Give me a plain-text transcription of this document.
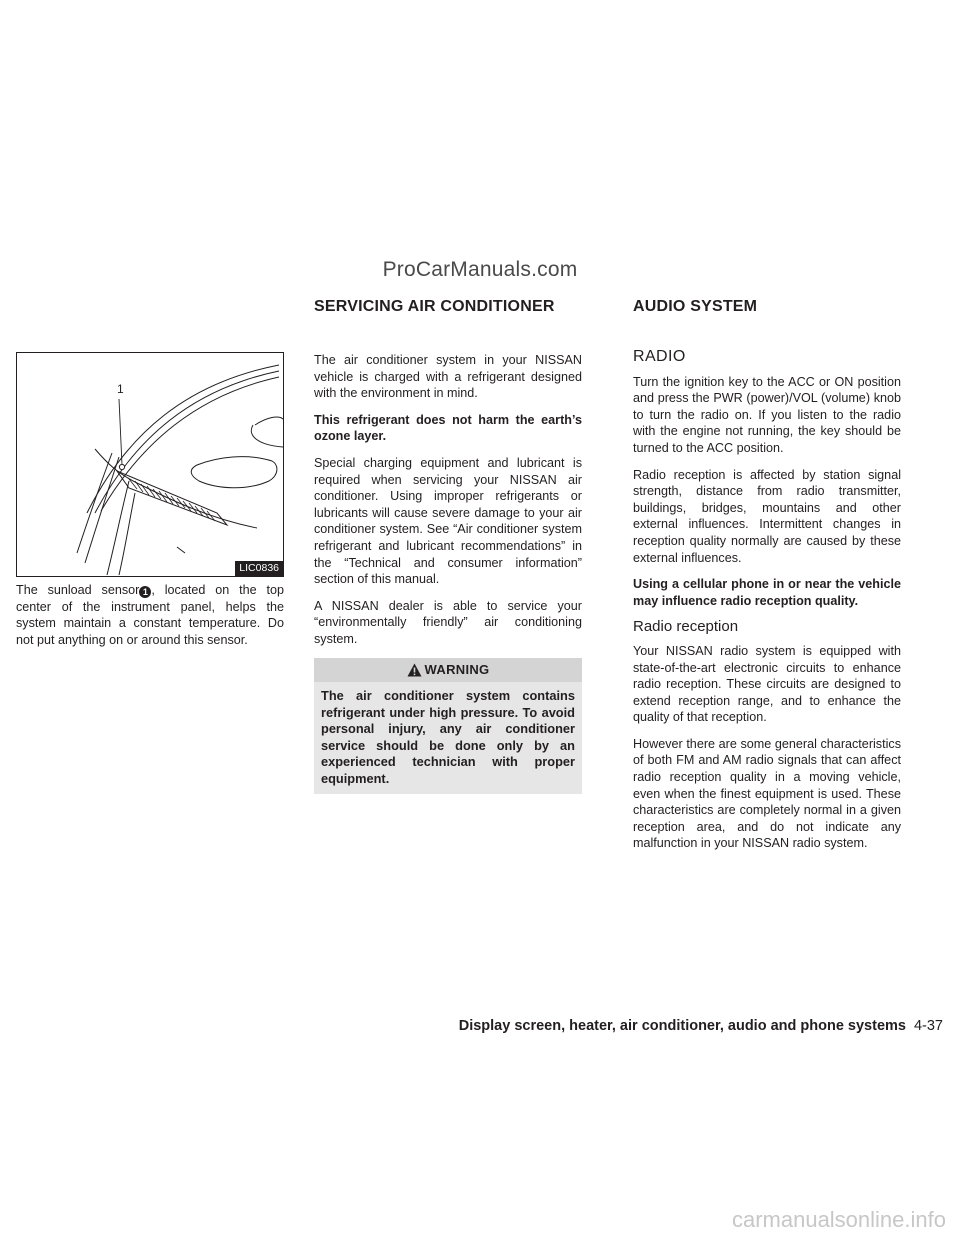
ProCarManuals.com
SERVICING AIR CONDITIONER	AUDIO SYSTEM
1
LIC0836
The sunload sensor 1 , located on the top center of the instrument panel, helps the system maintain a constant temperature. Do not put anything on or around this sensor.

The air conditioner system in your NISSAN vehicle is charged with a refrigerant designed with the environment in mind.

This refrigerant does not harm the earth’s ozone layer.

Special charging equipment and lubricant is required when servicing your NISSAN air conditioner. Using improper refrigerants or lubricants will cause severe damage to your air conditioner system. See “Air conditioner system refrigerant and lubricant recommendations” in the “Technical and consumer information” section of this manual.

A NISSAN dealer is able to service your “environmentally friendly” air conditioning system.

WARNING
The air conditioner system contains refrigerant under high pressure. To avoid personal injury, any air conditioner service should be done only by an experienced technician with proper equipment.
RADIO

Turn the ignition key to the ACC or ON position and press the PWR (power)/VOL (volume) knob to turn the radio on. If you listen to the radio with the engine not running, the key should be turned to the ACC position.

Radio reception is affected by station signal strength, distance from radio transmitter, buildings, bridges, mountains and other external influences. Intermittent changes in reception quality normally are caused by these external influences.

Using a cellular phone in or near the vehicle may influence radio reception quality.

Radio reception

Your NISSAN radio system is equipped with state-of-the-art electronic circuits to enhance radio reception. These circuits are designed to extend reception range, and to enhance the quality of that reception.

However there are some general characteristics of both FM and AM radio signals that can affect radio reception quality in a moving vehicle, even when the finest equipment is used. These characteristics are completely normal in a given reception area, and do not indicate any malfunction in your NISSAN radio system.

Display screen, heater, air conditioner, audio and phone systems 4-37
carmanualsonline.info
